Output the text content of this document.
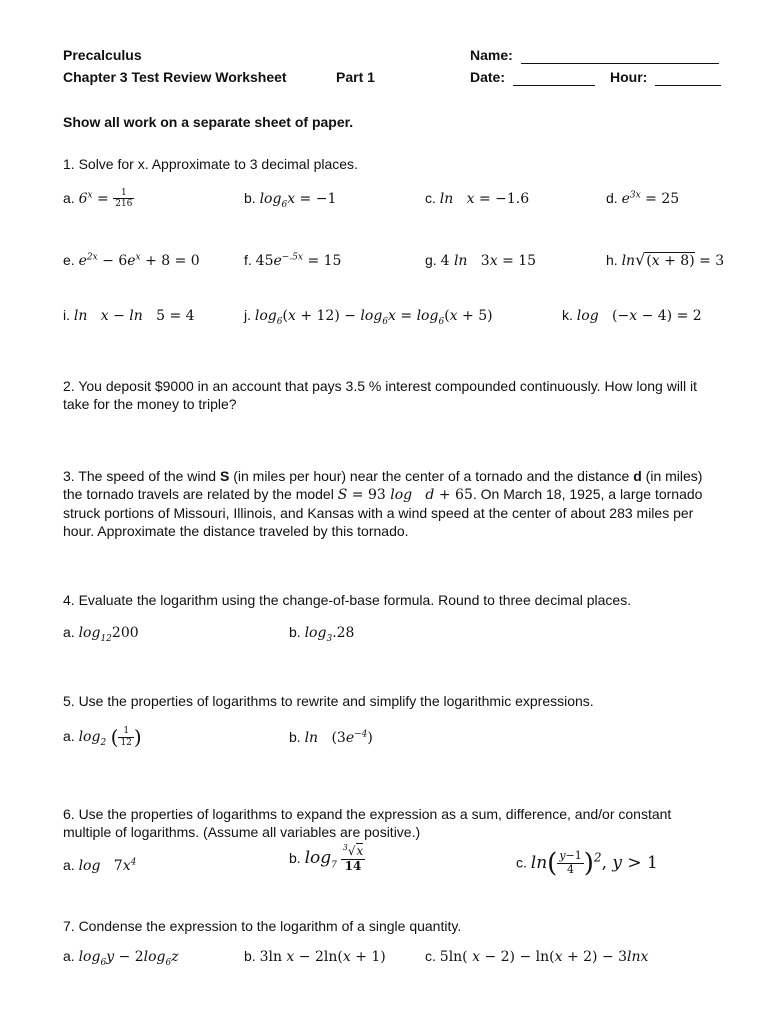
Precalculus
Chapter 3 Test Review Worksheet	Part 1
Name:
Date:	Hour:
Show all work on a separate sheet of paper.
1. Solve for x. Approximate to 3 decimal places.
a. $6^x = \frac{1}{216}$	b. $\log_6x = -1$	c. ln   x = −1.6	d. $e^{3x} = 25$
e. $e^{2x} - 6e^x + 8 = 0$	f. $45e^{-.5x} = 15$	g. 4 ln   3x = 15	h. ln√(x + 8) = 3
i. ln   x − ln   5 = 4	j. $\log_6(x + 12) - \log_6x = \log_6(x + 5)$	k. log   (−x − 4) = 2
2. You deposit $9000 in an account that pays 3.5 % interest compounded continuously. How long will it take for the money to triple?
3. The speed of the wind S (in miles per hour) near the center of a tornado and the distance d (in miles) the tornado travels are related by the model S = 93 log   d + 65. On March 18, 1925, a large tornado struck portions of Missouri, Illinois, and Kansas with a wind speed at the center of about 283 miles per hour. Approximate the distance traveled by this tornado.
4. Evaluate the logarithm using the change-of-base formula. Round to three decimal places.
a. $\log_{12}200$	b. $\log_3.28$
5. Use the properties of logarithms to rewrite and simplify the logarithmic expressions.
a. $\log_2$ ( $\frac{1}{12}$ )	b. $\ln (3e^{-4})$
6. Use the properties of logarithms to expand the expression as a sum, difference, and/or constant multiple of logarithms. (Assume all variables are positive.)
a. $\log 7x^4$	b. $\log_7 \frac{^3√x}{14}$	c. $\ln( \frac{y-1}{4} )^2$, y > 1
7. Condense the expression to the logarithm of a single quantity.
a. $\log_6y - 2\log_6z$	b. 3ln x − 2ln(x + 1)	c. 5ln( x − 2) − ln(x + 2) − 3lnx
